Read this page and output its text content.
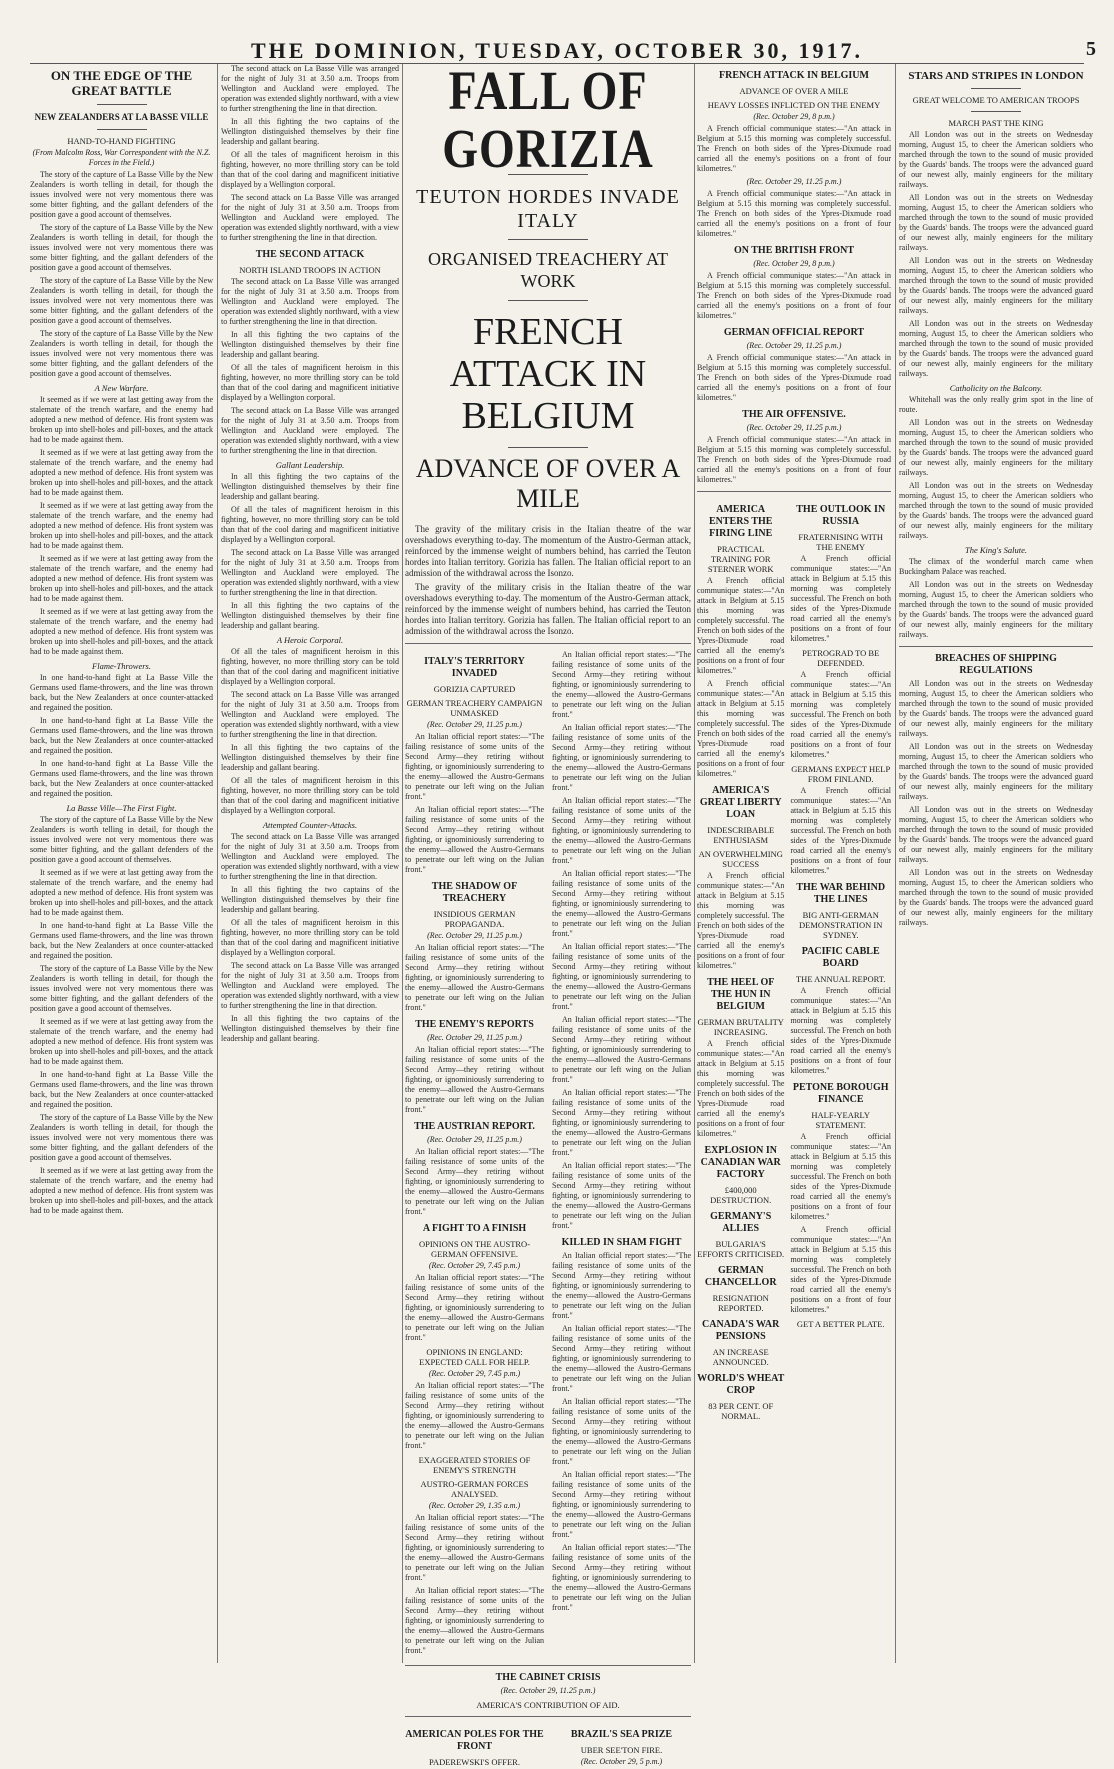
THE DOMINION, TUESDAY, OCTOBER 30, 1917.	5
ON THE EDGE OF THE GREAT BATTLE
NEW ZEALANDERS AT LA BASSE VILLE
HAND-TO-HAND FIGHTING
(From Malcolm Ross, War Correspondent with the N.Z. Forces in the Field.)

The story of the capture of La Basse Ville by the New Zealanders is worth telling in detail, for though the issues involved were not very momentous there was some bitter fighting, and the gallant defenders of the position gave a good account of themselves.

The story of the capture of La Basse Ville by the New Zealanders is worth telling in detail, for though the issues involved were not very momentous there was some bitter fighting, and the gallant defenders of the position gave a good account of themselves.

The story of the capture of La Basse Ville by the New Zealanders is worth telling in detail, for though the issues involved were not very momentous there was some bitter fighting, and the gallant defenders of the position gave a good account of themselves.

The story of the capture of La Basse Ville by the New Zealanders is worth telling in detail, for though the issues involved were not very momentous there was some bitter fighting, and the gallant defenders of the position gave a good account of themselves.

A New Warfare.

It seemed as if we were at last getting away from the stalemate of the trench warfare, and the enemy had adopted a new method of defence. His front system was broken up into shell-holes and pill-boxes, and the attack had to be made against them.

It seemed as if we were at last getting away from the stalemate of the trench warfare, and the enemy had adopted a new method of defence. His front system was broken up into shell-holes and pill-boxes, and the attack had to be made against them.

It seemed as if we were at last getting away from the stalemate of the trench warfare, and the enemy had adopted a new method of defence. His front system was broken up into shell-holes and pill-boxes, and the attack had to be made against them.

It seemed as if we were at last getting away from the stalemate of the trench warfare, and the enemy had adopted a new method of defence. His front system was broken up into shell-holes and pill-boxes, and the attack had to be made against them.

It seemed as if we were at last getting away from the stalemate of the trench warfare, and the enemy had adopted a new method of defence. His front system was broken up into shell-holes and pill-boxes, and the attack had to be made against them.

Flame-Throwers.

In one hand-to-hand fight at La Basse Ville the Germans used flame-throwers, and the line was thrown back, but the New Zealanders at once counter-attacked and regained the position.

In one hand-to-hand fight at La Basse Ville the Germans used flame-throwers, and the line was thrown back, but the New Zealanders at once counter-attacked and regained the position.

In one hand-to-hand fight at La Basse Ville the Germans used flame-throwers, and the line was thrown back, but the New Zealanders at once counter-attacked and regained the position.

La Basse Ville—The First Fight.

The story of the capture of La Basse Ville by the New Zealanders is worth telling in detail, for though the issues involved were not very momentous there was some bitter fighting, and the gallant defenders of the position gave a good account of themselves.

It seemed as if we were at last getting away from the stalemate of the trench warfare, and the enemy had adopted a new method of defence. His front system was broken up into shell-holes and pill-boxes, and the attack had to be made against them.

In one hand-to-hand fight at La Basse Ville the Germans used flame-throwers, and the line was thrown back, but the New Zealanders at once counter-attacked and regained the position.

The story of the capture of La Basse Ville by the New Zealanders is worth telling in detail, for though the issues involved were not very momentous there was some bitter fighting, and the gallant defenders of the position gave a good account of themselves.

It seemed as if we were at last getting away from the stalemate of the trench warfare, and the enemy had adopted a new method of defence. His front system was broken up into shell-holes and pill-boxes, and the attack had to be made against them.

In one hand-to-hand fight at La Basse Ville the Germans used flame-throwers, and the line was thrown back, but the New Zealanders at once counter-attacked and regained the position.

The story of the capture of La Basse Ville by the New Zealanders is worth telling in detail, for though the issues involved were not very momentous there was some bitter fighting, and the gallant defenders of the position gave a good account of themselves.

It seemed as if we were at last getting away from the stalemate of the trench warfare, and the enemy had adopted a new method of defence. His front system was broken up into shell-holes and pill-boxes, and the attack had to be made against them.

The second attack on La Basse Ville was arranged for the night of July 31 at 3.50 a.m. Troops from Wellington and Auckland were employed. The operation was extended slightly northward, with a view to further strengthening the line in that direction.

In all this fighting the two captains of the Wellington distinguished themselves by their fine leadership and gallant bearing.

Of all the tales of magnificent heroism in this fighting, however, no more thrilling story can be told than that of the cool daring and magnificent initiative displayed by a Wellington corporal.

The second attack on La Basse Ville was arranged for the night of July 31 at 3.50 a.m. Troops from Wellington and Auckland were employed. The operation was extended slightly northward, with a view to further strengthening the line in that direction.

THE SECOND ATTACK
NORTH ISLAND TROOPS IN ACTION

The second attack on La Basse Ville was arranged for the night of July 31 at 3.50 a.m. Troops from Wellington and Auckland were employed. The operation was extended slightly northward, with a view to further strengthening the line in that direction.

In all this fighting the two captains of the Wellington distinguished themselves by their fine leadership and gallant bearing.

Of all the tales of magnificent heroism in this fighting, however, no more thrilling story can be told than that of the cool daring and magnificent initiative displayed by a Wellington corporal.

The second attack on La Basse Ville was arranged for the night of July 31 at 3.50 a.m. Troops from Wellington and Auckland were employed. The operation was extended slightly northward, with a view to further strengthening the line in that direction.

Gallant Leadership.

In all this fighting the two captains of the Wellington distinguished themselves by their fine leadership and gallant bearing.

Of all the tales of magnificent heroism in this fighting, however, no more thrilling story can be told than that of the cool daring and magnificent initiative displayed by a Wellington corporal.

The second attack on La Basse Ville was arranged for the night of July 31 at 3.50 a.m. Troops from Wellington and Auckland were employed. The operation was extended slightly northward, with a view to further strengthening the line in that direction.

In all this fighting the two captains of the Wellington distinguished themselves by their fine leadership and gallant bearing.

A Heroic Corporal.

Of all the tales of magnificent heroism in this fighting, however, no more thrilling story can be told than that of the cool daring and magnificent initiative displayed by a Wellington corporal.

The second attack on La Basse Ville was arranged for the night of July 31 at 3.50 a.m. Troops from Wellington and Auckland were employed. The operation was extended slightly northward, with a view to further strengthening the line in that direction.

In all this fighting the two captains of the Wellington distinguished themselves by their fine leadership and gallant bearing.

Of all the tales of magnificent heroism in this fighting, however, no more thrilling story can be told than that of the cool daring and magnificent initiative displayed by a Wellington corporal.

Attempted Counter-Attacks.

The second attack on La Basse Ville was arranged for the night of July 31 at 3.50 a.m. Troops from Wellington and Auckland were employed. The operation was extended slightly northward, with a view to further strengthening the line in that direction.

In all this fighting the two captains of the Wellington distinguished themselves by their fine leadership and gallant bearing.

Of all the tales of magnificent heroism in this fighting, however, no more thrilling story can be told than that of the cool daring and magnificent initiative displayed by a Wellington corporal.

The second attack on La Basse Ville was arranged for the night of July 31 at 3.50 a.m. Troops from Wellington and Auckland were employed. The operation was extended slightly northward, with a view to further strengthening the line in that direction.

In all this fighting the two captains of the Wellington distinguished themselves by their fine leadership and gallant bearing.

FALL OF GORIZIA
TEUTON HORDES INVADE ITALY
ORGANISED TREACHERY AT WORK
FRENCH ATTACK IN BELGIUM
ADVANCE OF OVER A MILE

The gravity of the military crisis in the Italian theatre of the war overshadows everything to-day. The momentum of the Austro-German attack, reinforced by the immense weight of numbers behind, has carried the Teuton hordes into Italian territory. Gorizia has fallen. The Italian official report to an admission of the withdrawal across the Isonzo.

The gravity of the military crisis in the Italian theatre of the war overshadows everything to-day. The momentum of the Austro-German attack, reinforced by the immense weight of numbers behind, has carried the Teuton hordes into Italian territory. Gorizia has fallen. The Italian official report to an admission of the withdrawal across the Isonzo.

ITALY'S TERRITORY INVADED
GORIZIA CAPTURED
GERMAN TREACHERY CAMPAIGN UNMASKED
(Rec. October 29, 11.25 p.m.)

An Italian official report states:—"The failing resistance of some units of the Second Army—they retiring without fighting, or ignominiously surrendering to the enemy—allowed the Austro-Germans to penetrate our left wing on the Julian front."

An Italian official report states:—"The failing resistance of some units of the Second Army—they retiring without fighting, or ignominiously surrendering to the enemy—allowed the Austro-Germans to penetrate our left wing on the Julian front."

THE SHADOW OF TREACHERY
INSIDIOUS GERMAN PROPAGANDA.
(Rec. October 29, 11.25 p.m.)

An Italian official report states:—"The failing resistance of some units of the Second Army—they retiring without fighting, or ignominiously surrendering to the enemy—allowed the Austro-Germans to penetrate our left wing on the Julian front."

THE ENEMY'S REPORTS
(Rec. October 29, 11.25 p.m.)

An Italian official report states:—"The failing resistance of some units of the Second Army—they retiring without fighting, or ignominiously surrendering to the enemy—allowed the Austro-Germans to penetrate our left wing on the Julian front."

THE AUSTRIAN REPORT.
(Rec. October 29, 11.25 p.m.)

An Italian official report states:—"The failing resistance of some units of the Second Army—they retiring without fighting, or ignominiously surrendering to the enemy—allowed the Austro-Germans to penetrate our left wing on the Julian front."

A FIGHT TO A FINISH
OPINIONS ON THE AUSTRO-GERMAN OFFENSIVE.
(Rec. October 29, 7.45 p.m.)

An Italian official report states:—"The failing resistance of some units of the Second Army—they retiring without fighting, or ignominiously surrendering to the enemy—allowed the Austro-Germans to penetrate our left wing on the Julian front."

OPINIONS IN ENGLAND: EXPECTED CALL FOR HELP.
(Rec. October 29, 7.45 p.m.)

An Italian official report states:—"The failing resistance of some units of the Second Army—they retiring without fighting, or ignominiously surrendering to the enemy—allowed the Austro-Germans to penetrate our left wing on the Julian front."

EXAGGERATED STORIES OF ENEMY'S STRENGTH
AUSTRO-GERMAN FORCES ANALYSED.
(Rec. October 29, 1.35 a.m.)

An Italian official report states:—"The failing resistance of some units of the Second Army—they retiring without fighting, or ignominiously surrendering to the enemy—allowed the Austro-Germans to penetrate our left wing on the Julian front."

An Italian official report states:—"The failing resistance of some units of the Second Army—they retiring without fighting, or ignominiously surrendering to the enemy—allowed the Austro-Germans to penetrate our left wing on the Julian front."

An Italian official report states:—"The failing resistance of some units of the Second Army—they retiring without fighting, or ignominiously surrendering to the enemy—allowed the Austro-Germans to penetrate our left wing on the Julian front."

An Italian official report states:—"The failing resistance of some units of the Second Army—they retiring without fighting, or ignominiously surrendering to the enemy—allowed the Austro-Germans to penetrate our left wing on the Julian front."

An Italian official report states:—"The failing resistance of some units of the Second Army—they retiring without fighting, or ignominiously surrendering to the enemy—allowed the Austro-Germans to penetrate our left wing on the Julian front."

An Italian official report states:—"The failing resistance of some units of the Second Army—they retiring without fighting, or ignominiously surrendering to the enemy—allowed the Austro-Germans to penetrate our left wing on the Julian front."

An Italian official report states:—"The failing resistance of some units of the Second Army—they retiring without fighting, or ignominiously surrendering to the enemy—allowed the Austro-Germans to penetrate our left wing on the Julian front."

An Italian official report states:—"The failing resistance of some units of the Second Army—they retiring without fighting, or ignominiously surrendering to the enemy—allowed the Austro-Germans to penetrate our left wing on the Julian front."

An Italian official report states:—"The failing resistance of some units of the Second Army—they retiring without fighting, or ignominiously surrendering to the enemy—allowed the Austro-Germans to penetrate our left wing on the Julian front."

An Italian official report states:—"The failing resistance of some units of the Second Army—they retiring without fighting, or ignominiously surrendering to the enemy—allowed the Austro-Germans to penetrate our left wing on the Julian front."

KILLED IN SHAM FIGHT

An Italian official report states:—"The failing resistance of some units of the Second Army—they retiring without fighting, or ignominiously surrendering to the enemy—allowed the Austro-Germans to penetrate our left wing on the Julian front."

An Italian official report states:—"The failing resistance of some units of the Second Army—they retiring without fighting, or ignominiously surrendering to the enemy—allowed the Austro-Germans to penetrate our left wing on the Julian front."

An Italian official report states:—"The failing resistance of some units of the Second Army—they retiring without fighting, or ignominiously surrendering to the enemy—allowed the Austro-Germans to penetrate our left wing on the Julian front."

An Italian official report states:—"The failing resistance of some units of the Second Army—they retiring without fighting, or ignominiously surrendering to the enemy—allowed the Austro-Germans to penetrate our left wing on the Julian front."

An Italian official report states:—"The failing resistance of some units of the Second Army—they retiring without fighting, or ignominiously surrendering to the enemy—allowed the Austro-Germans to penetrate our left wing on the Julian front."

THE CABINET CRISIS
(Rec. October 29, 11.25 p.m.)
AMERICA'S CONTRIBUTION OF AID.
AMERICAN POLES FOR THE FRONT
PADEREWSKI'S OFFER.
BRAZIL'S SEA PRIZE
UBER SEE'TON FIRE.
(Rec. October 29, 5 p.m.)
FRENCH ATTACK IN BELGIUM
ADVANCE OF OVER A MILE
HEAVY LOSSES INFLICTED ON THE ENEMY
(Rec. October 29, 8 p.m.)

A French official communique states:—"An attack in Belgium at 5.15 this morning was completely successful. The French on both sides of the Ypres-Dixmude road carried all the enemy's positions on a front of four kilometres."

(Rec. October 29, 11.25 p.m.)

A French official communique states:—"An attack in Belgium at 5.15 this morning was completely successful. The French on both sides of the Ypres-Dixmude road carried all the enemy's positions on a front of four kilometres."

ON THE BRITISH FRONT
(Rec. October 29, 8 p.m.)

A French official communique states:—"An attack in Belgium at 5.15 this morning was completely successful. The French on both sides of the Ypres-Dixmude road carried all the enemy's positions on a front of four kilometres."

GERMAN OFFICIAL REPORT
(Rec. October 29, 11.25 p.m.)

A French official communique states:—"An attack in Belgium at 5.15 this morning was completely successful. The French on both sides of the Ypres-Dixmude road carried all the enemy's positions on a front of four kilometres."

THE AIR OFFENSIVE.
(Rec. October 29, 11.25 p.m.)

A French official communique states:—"An attack in Belgium at 5.15 this morning was completely successful. The French on both sides of the Ypres-Dixmude road carried all the enemy's positions on a front of four kilometres."

AMERICA ENTERS THE FIRING LINE
PRACTICAL TRAINING FOR STERNER WORK

A French official communique states:—"An attack in Belgium at 5.15 this morning was completely successful. The French on both sides of the Ypres-Dixmude road carried all the enemy's positions on a front of four kilometres."

A French official communique states:—"An attack in Belgium at 5.15 this morning was completely successful. The French on both sides of the Ypres-Dixmude road carried all the enemy's positions on a front of four kilometres."

AMERICA'S GREAT LIBERTY LOAN
INDESCRIBABLE ENTHUSIASM
AN OVERWHELMING SUCCESS

A French official communique states:—"An attack in Belgium at 5.15 this morning was completely successful. The French on both sides of the Ypres-Dixmude road carried all the enemy's positions on a front of four kilometres."

THE HEEL OF THE HUN IN BELGIUM
GERMAN BRUTALITY INCREASING.

A French official communique states:—"An attack in Belgium at 5.15 this morning was completely successful. The French on both sides of the Ypres-Dixmude road carried all the enemy's positions on a front of four kilometres."

EXPLOSION IN CANADIAN WAR FACTORY
£400,000 DESTRUCTION.
GERMANY'S ALLIES
BULGARIA'S EFFORTS CRITICISED.
GERMAN CHANCELLOR
RESIGNATION REPORTED.
CANADA'S WAR PENSIONS
AN INCREASE ANNOUNCED.
WORLD'S WHEAT CROP
83 PER CENT. OF NORMAL.
THE OUTLOOK IN RUSSIA
FRATERNISING WITH THE ENEMY

A French official communique states:—"An attack in Belgium at 5.15 this morning was completely successful. The French on both sides of the Ypres-Dixmude road carried all the enemy's positions on a front of four kilometres."

PETROGRAD TO BE DEFENDED.

A French official communique states:—"An attack in Belgium at 5.15 this morning was completely successful. The French on both sides of the Ypres-Dixmude road carried all the enemy's positions on a front of four kilometres."

GERMANS EXPECT HELP FROM FINLAND.

A French official communique states:—"An attack in Belgium at 5.15 this morning was completely successful. The French on both sides of the Ypres-Dixmude road carried all the enemy's positions on a front of four kilometres."

THE WAR BEHIND THE LINES
BIG ANTI-GERMAN DEMONSTRATION IN SYDNEY.
PACIFIC CABLE BOARD
THE ANNUAL REPORT.

A French official communique states:—"An attack in Belgium at 5.15 this morning was completely successful. The French on both sides of the Ypres-Dixmude road carried all the enemy's positions on a front of four kilometres."

PETONE BOROUGH FINANCE
HALF-YEARLY STATEMENT.

A French official communique states:—"An attack in Belgium at 5.15 this morning was completely successful. The French on both sides of the Ypres-Dixmude road carried all the enemy's positions on a front of four kilometres."

A French official communique states:—"An attack in Belgium at 5.15 this morning was completely successful. The French on both sides of the Ypres-Dixmude road carried all the enemy's positions on a front of four kilometres."

GET A BETTER PLATE.
STARS AND STRIPES IN LONDON
GREAT WELCOME TO AMERICAN TROOPS
MARCH PAST THE KING

All London was out in the streets on Wednesday morning, August 15, to cheer the American soldiers who marched through the town to the sound of music provided by the Guards' bands. The troops were the advanced guard of our newest ally, mainly engineers for the military railways.

All London was out in the streets on Wednesday morning, August 15, to cheer the American soldiers who marched through the town to the sound of music provided by the Guards' bands. The troops were the advanced guard of our newest ally, mainly engineers for the military railways.

All London was out in the streets on Wednesday morning, August 15, to cheer the American soldiers who marched through the town to the sound of music provided by the Guards' bands. The troops were the advanced guard of our newest ally, mainly engineers for the military railways.

All London was out in the streets on Wednesday morning, August 15, to cheer the American soldiers who marched through the town to the sound of music provided by the Guards' bands. The troops were the advanced guard of our newest ally, mainly engineers for the military railways.

Catholicity on the Balcony.

Whitehall was the only really grim spot in the line of route.

All London was out in the streets on Wednesday morning, August 15, to cheer the American soldiers who marched through the town to the sound of music provided by the Guards' bands. The troops were the advanced guard of our newest ally, mainly engineers for the military railways.

All London was out in the streets on Wednesday morning, August 15, to cheer the American soldiers who marched through the town to the sound of music provided by the Guards' bands. The troops were the advanced guard of our newest ally, mainly engineers for the military railways.

The King's Salute.

The climax of the wonderful march came when Buckingham Palace was reached.

All London was out in the streets on Wednesday morning, August 15, to cheer the American soldiers who marched through the town to the sound of music provided by the Guards' bands. The troops were the advanced guard of our newest ally, mainly engineers for the military railways.

BREACHES OF SHIPPING REGULATIONS

All London was out in the streets on Wednesday morning, August 15, to cheer the American soldiers who marched through the town to the sound of music provided by the Guards' bands. The troops were the advanced guard of our newest ally, mainly engineers for the military railways.

All London was out in the streets on Wednesday morning, August 15, to cheer the American soldiers who marched through the town to the sound of music provided by the Guards' bands. The troops were the advanced guard of our newest ally, mainly engineers for the military railways.

All London was out in the streets on Wednesday morning, August 15, to cheer the American soldiers who marched through the town to the sound of music provided by the Guards' bands. The troops were the advanced guard of our newest ally, mainly engineers for the military railways.

All London was out in the streets on Wednesday morning, August 15, to cheer the American soldiers who marched through the town to the sound of music provided by the Guards' bands. The troops were the advanced guard of our newest ally, mainly engineers for the military railways.
